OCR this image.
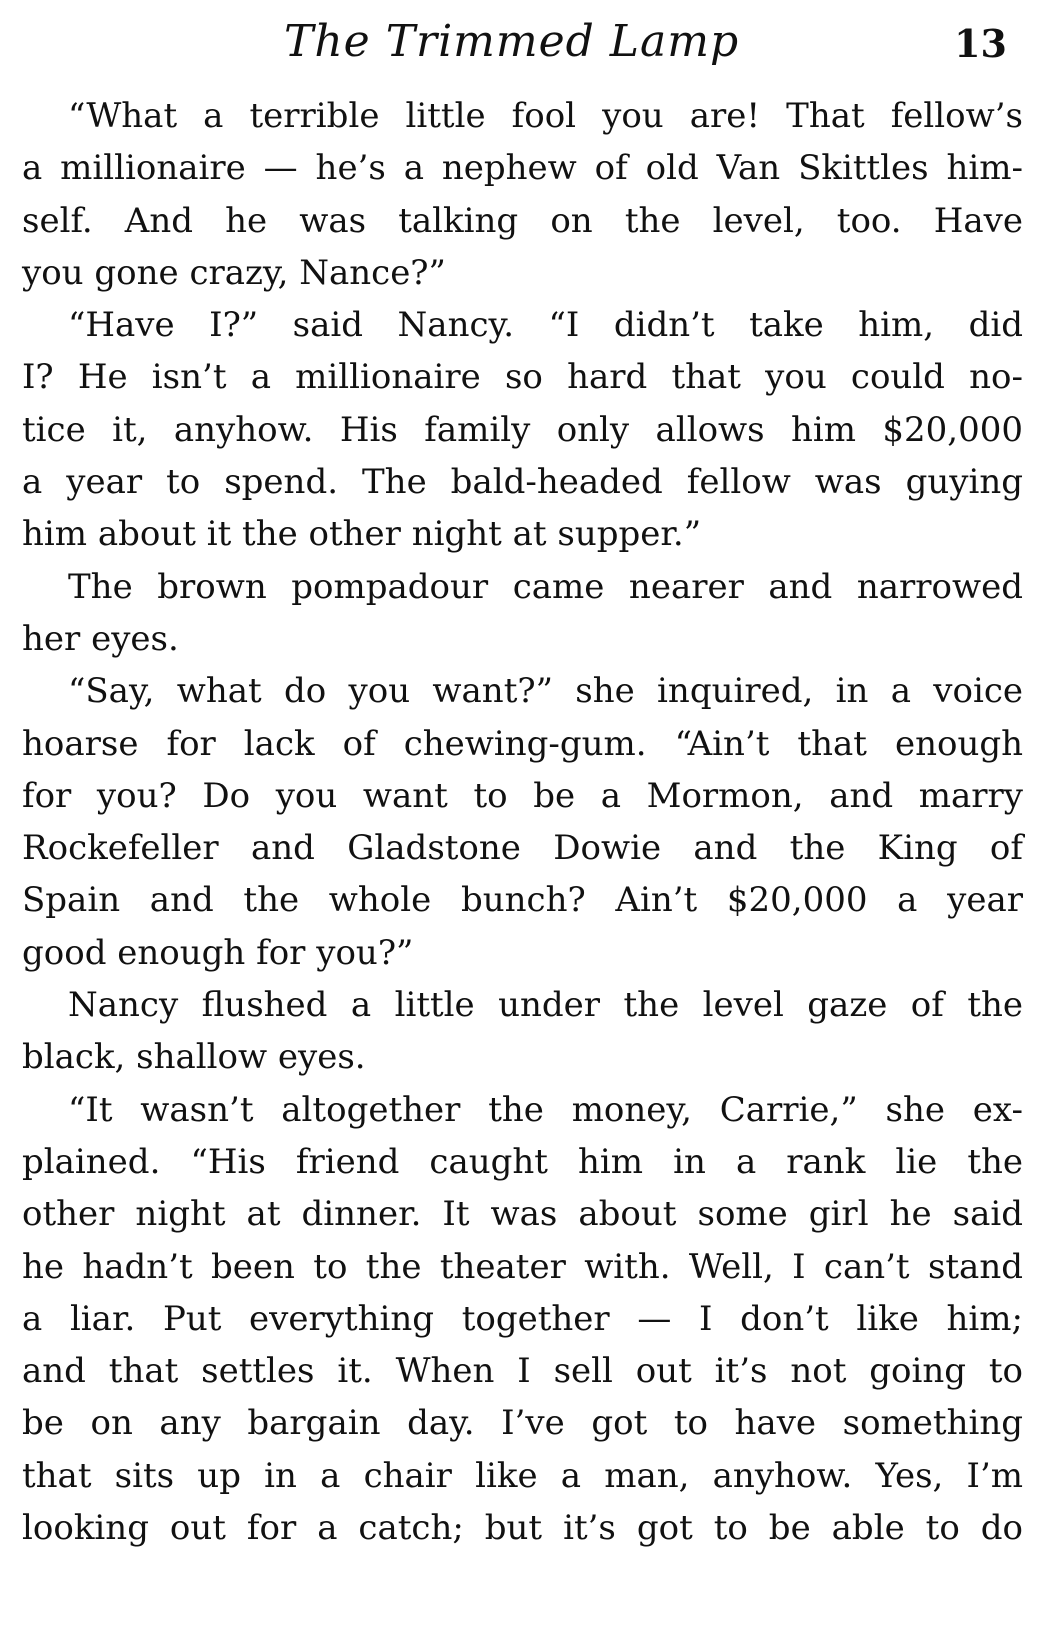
The Trimmed Lamp	13
“What a terrible little fool you are! That fellow’s
a millionaire — he’s a nephew of old Van Skittles him-
self. And he was talking on the level, too. Have
you gone crazy, Nance?”
“Have I?” said Nancy. “I didn’t take him, did
I? He isn’t a millionaire so hard that you could no-
tice it, anyhow. His family only allows him $20,000
a year to spend. The bald-headed fellow was guying
him about it the other night at supper.”
The brown pompadour came nearer and narrowed
her eyes.
“Say, what do you want?” she inquired, in a voice
hoarse for lack of chewing-gum. “Ain’t that enough
for you? Do you want to be a Mormon, and marry
Rockefeller and Gladstone Dowie and the King of
Spain and the whole bunch? Ain’t $20,000 a year
good enough for you?”
Nancy flushed a little under the level gaze of the
black, shallow eyes.
“It wasn’t altogether the money, Carrie,” she ex-
plained. “His friend caught him in a rank lie the
other night at dinner. It was about some girl he said
he hadn’t been to the theater with. Well, I can’t stand
a liar. Put everything together — I don’t like him;
and that settles it. When I sell out it’s not going to
be on any bargain day. I’ve got to have something
that sits up in a chair like a man, anyhow. Yes, I’m
looking out for a catch; but it’s got to be able to do
